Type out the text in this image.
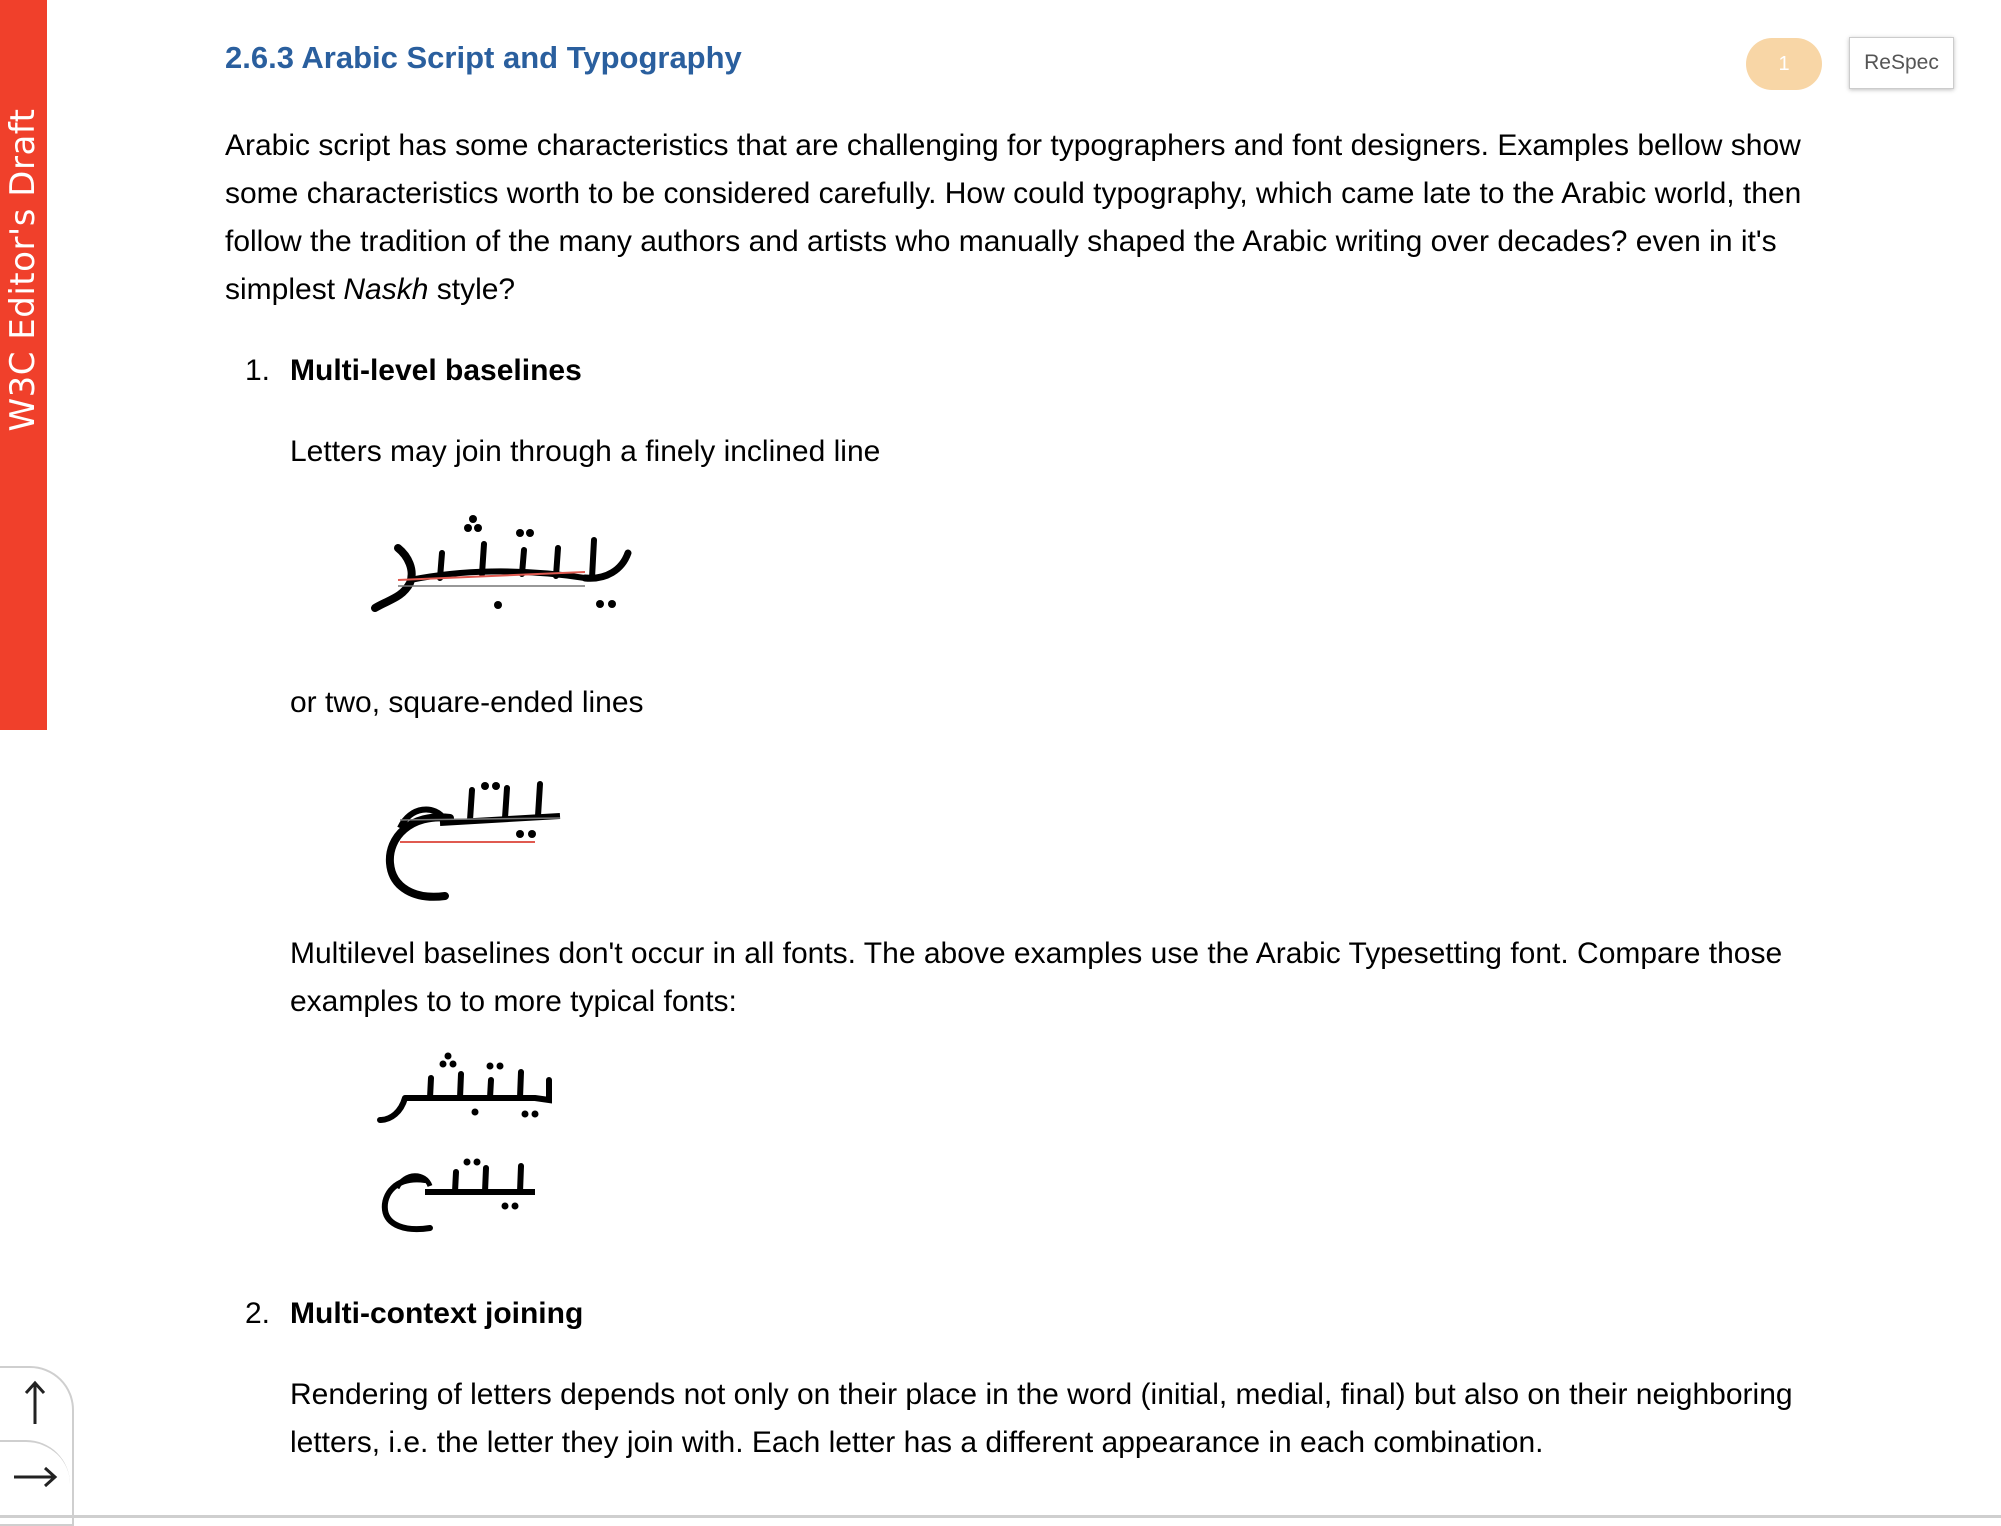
W3C Editor's Draft
1	ReSpec
2.6.3 Arabic Script and Typography

Arabic script has some characteristics that are challenging for typographers and font designers. Examples bellow show some characteristics worth to be considered carefully. How could typography, which came late to the Arabic world, then follow the tradition of the many authors and artists who manually shaped the Arabic writing over decades? even in it's simplest Naskh style?

1. Multi-level baselines

Letters may join through a finely inclined line

or two, square-ended lines

Multilevel baselines don't occur in all fonts. The above examples use the Arabic Typesetting font. Compare those examples to to more typical fonts:

2. Multi-context joining

Rendering of letters depends not only on their place in the word (initial, medial, final) but also on their neighboring letters, i.e. the letter they join with. Each letter has a different appearance in each combination.
